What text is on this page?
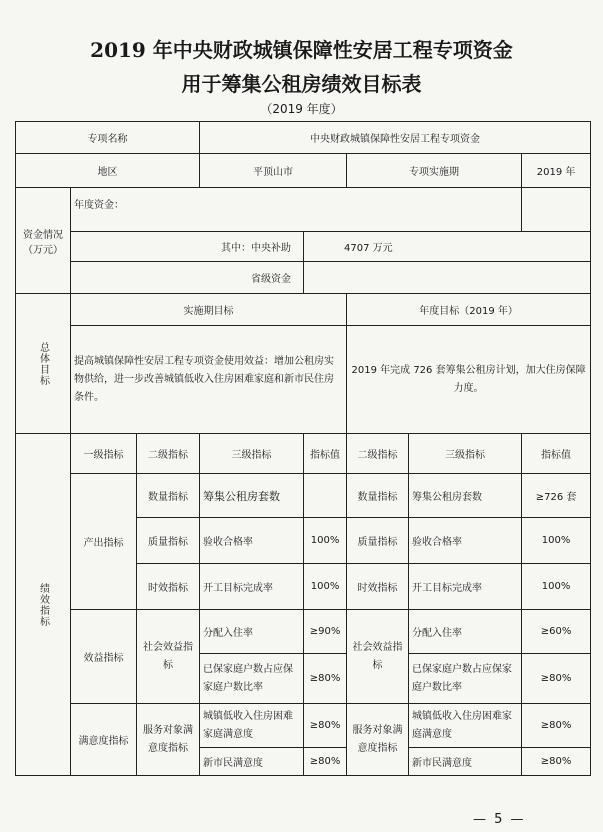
2019 年中央财政城镇保障性安居工程专项资金
用于筹集公租房绩效目标表
（2019 年度）
专项名称			中央财政城镇保障性安居工程专项资金				
地区			平顶山市		专项实施期		2019 年
资金情况（万元）	年度资金：						
	其中：中央补助			4707 万元			
	省级资金						

总体目标	实施期目标				年度目标（2019 年）		
	提高城镇保障性安居工程专项资金使用效益：增加公租房实物供给，进一步改善城镇低收入住房困难家庭和新市民住房条件。				2019 年完成 726 套筹集公租房计划，加大住房保障力度。		

绩效指标	一级指标	二级指标	三级指标	指标值	二级指标	三级指标	指标值
	产出指标	数量指标	筹集公租房套数		数量指标	筹集公租房套数	≥726 套
		质量指标	验收合格率	100%	质量指标	验收合格率	100%
		时效指标	开工目标完成率	100%	时效指标	开工目标完成率	100%
	效益指标	社会效益指标	分配入住率	≥90%	社会效益指标	分配入住率	≥60%
			已保家庭户数占应保家庭户数比率	≥80%		已保家庭户数占应保家庭户数比率	≥80%
	满意度指标	服务对象满意度指标	城镇低收入住房困难家庭满意度	≥80%	服务对象满意度指标	城镇低收入住房困难家庭满意度	≥80%
			新市民满意度	≥80%		新市民满意度	≥80%
— 5 —
